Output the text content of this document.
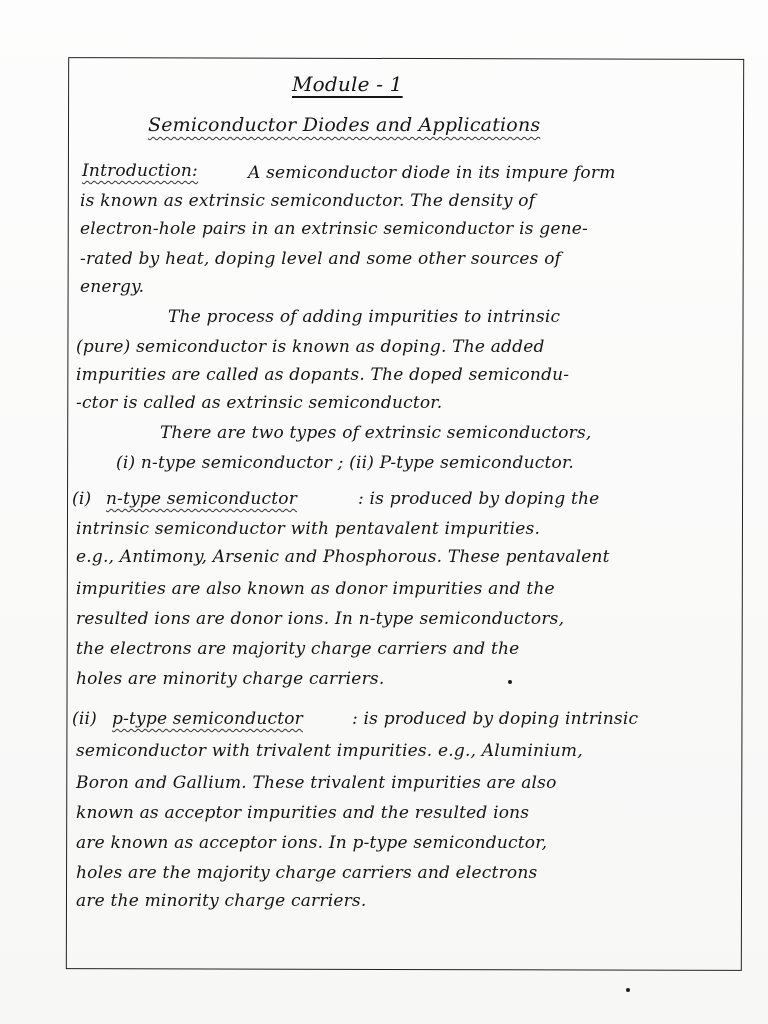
Module - 1
Semiconductor Diodes and Applications
Introduction:	A semiconductor diode in its impure form
is known as extrinsic semiconductor. The density of
electron-hole pairs in an extrinsic semiconductor is gene-
-rated by heat, doping level and some other sources of
energy.
The process of adding impurities to intrinsic
(pure) semiconductor is known as doping. The added
impurities are called as dopants. The doped semicondu-
-ctor is called as extrinsic semiconductor.
There are two types of extrinsic semiconductors,
(i) n-type semiconductor ; (ii) P-type semiconductor.
(i) n-type semiconductor	: is produced by doping the
intrinsic semiconductor with pentavalent impurities.
e.g., Antimony, Arsenic and Phosphorous. These pentavalent
impurities are also known as donor impurities and the
resulted ions are donor ions. In n-type semiconductors,
the electrons are majority charge carriers and the
holes are minority charge carriers.
(ii) p-type semiconductor	: is produced by doping intrinsic
semiconductor with trivalent impurities. e.g., Aluminium,
Boron and Gallium. These trivalent impurities are also
known as acceptor impurities and the resulted ions
are known as acceptor ions. In p-type semiconductor,
holes are the majority charge carriers and electrons
are the minority charge carriers.
